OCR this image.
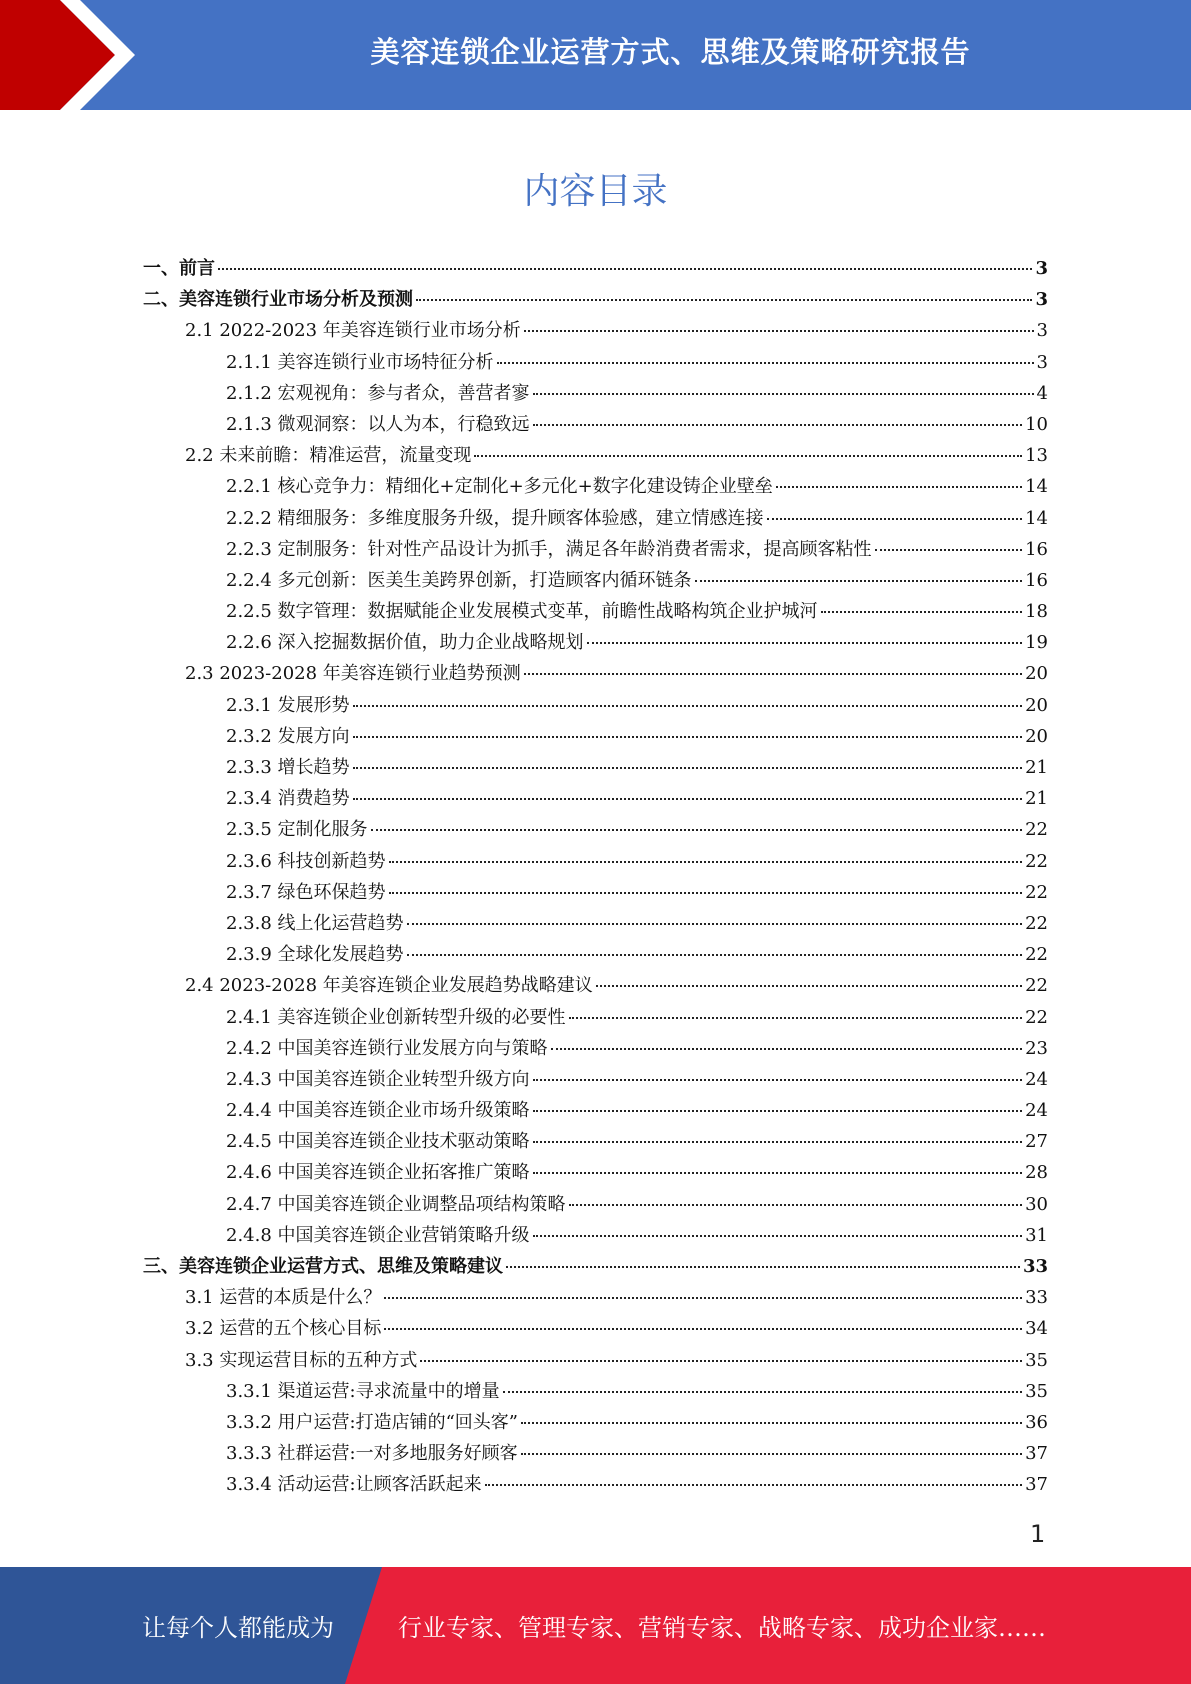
美容连锁企业运营方式、思维及策略研究报告
内容目录
一、前言	3
二、美容连锁行业市场分析及预测	3
2.1 2022-2023 年美容连锁行业市场分析	3
2.1.1 美容连锁行业市场特征分析	3
2.1.2 宏观视角：参与者众，善营者寥	4
2.1.3 微观洞察：以人为本，行稳致远	10
2.2 未来前瞻：精准运营，流量变现	13
2.2.1 核心竞争力：精细化+定制化+多元化+数字化建设铸企业壁垒	14
2.2.2 精细服务：多维度服务升级，提升顾客体验感，建立情感连接	14
2.2.3 定制服务：针对性产品设计为抓手，满足各年龄消费者需求，提高顾客粘性	16
2.2.4 多元创新：医美生美跨界创新，打造顾客内循环链条	16
2.2.5 数字管理：数据赋能企业发展模式变革，前瞻性战略构筑企业护城河	18
2.2.6 深入挖掘数据价值，助力企业战略规划	19
2.3 2023-2028 年美容连锁行业趋势预测	20
2.3.1 发展形势	20
2.3.2 发展方向	20
2.3.3 增长趋势	21
2.3.4 消费趋势	21
2.3.5 定制化服务	22
2.3.6 科技创新趋势	22
2.3.7 绿色环保趋势	22
2.3.8 线上化运营趋势	22
2.3.9 全球化发展趋势	22
2.4 2023-2028 年美容连锁企业发展趋势战略建议	22
2.4.1 美容连锁企业创新转型升级的必要性	22
2.4.2 中国美容连锁行业发展方向与策略	23
2.4.3 中国美容连锁企业转型升级方向	24
2.4.4 中国美容连锁企业市场升级策略	24
2.4.5 中国美容连锁企业技术驱动策略	27
2.4.6 中国美容连锁企业拓客推广策略	28
2.4.7 中国美容连锁企业调整品项结构策略	30
2.4.8 中国美容连锁企业营销策略升级	31
三、美容连锁企业运营方式、思维及策略建议	33
3.1 运营的本质是什么？	33
3.2 运营的五个核心目标	34
3.3 实现运营目标的五种方式	35
3.3.1 渠道运营:寻求流量中的增量	35
3.3.2 用户运营:打造店铺的“回头客”	36
3.3.3 社群运营:一对多地服务好顾客	37
3.3.4 活动运营:让顾客活跃起来	37
1
让每个人都能成为	行业专家、管理专家、营销专家、战略专家、成功企业家……
